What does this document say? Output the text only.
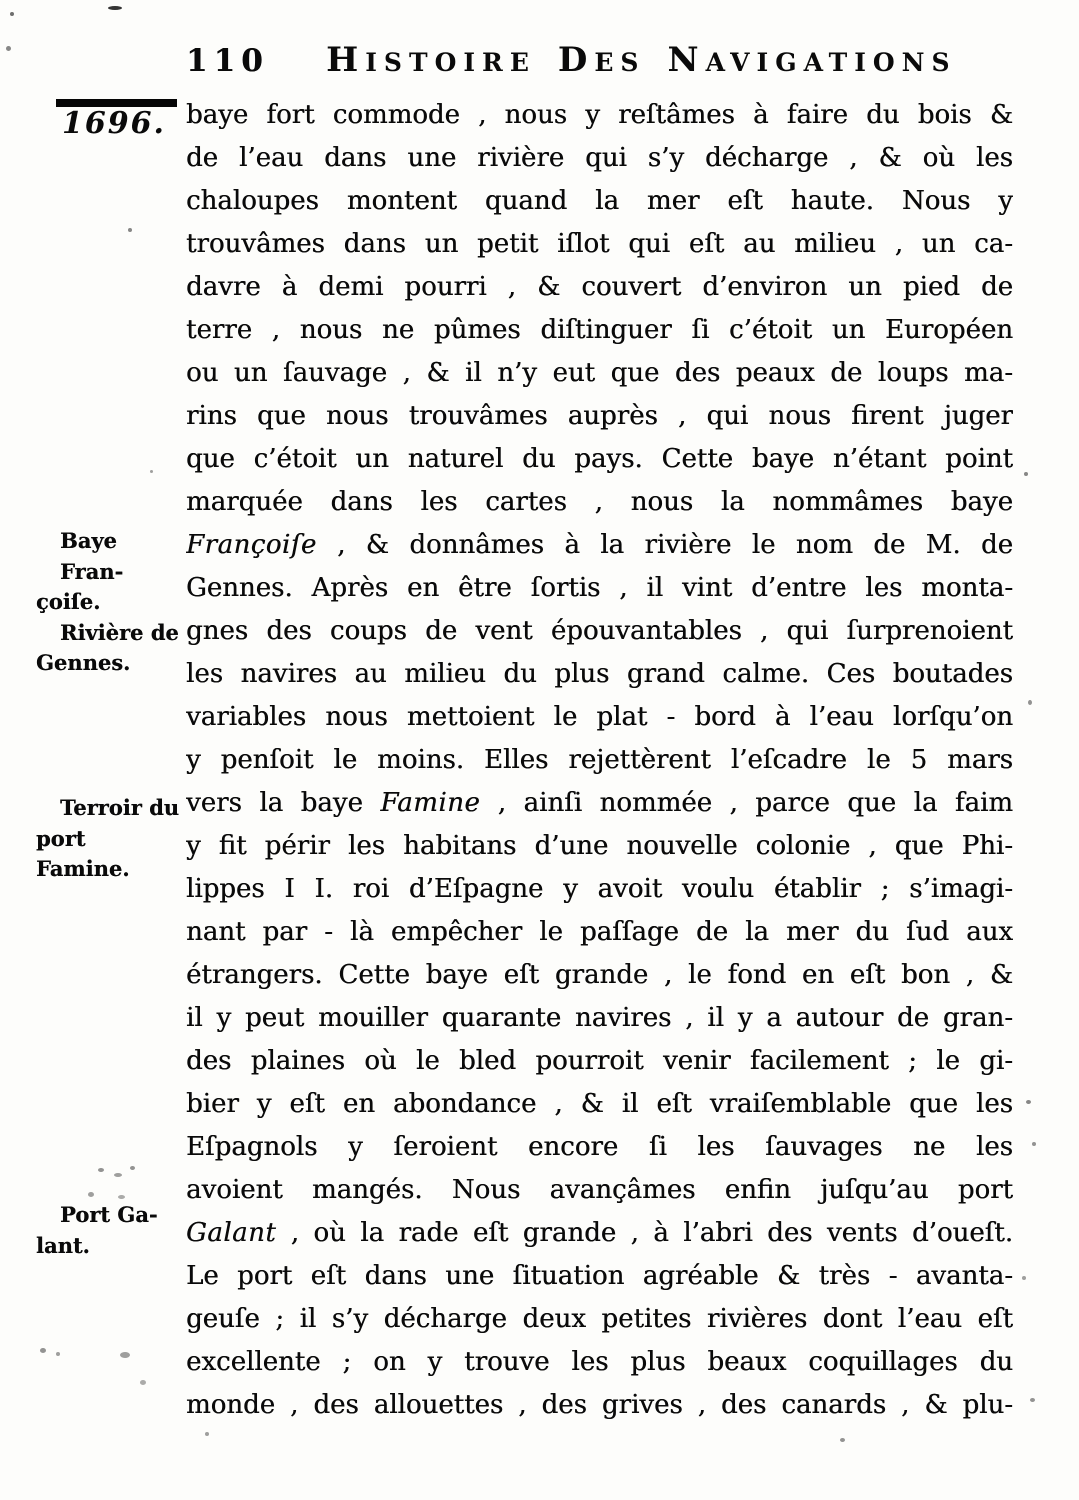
110	HISTOIRE DES NAVIGATIONS
1696.
Baye Fran-
çoiſe.
Rivière de
Gennes.
Terroir du
port Famine.
Port Ga-
lant.
baye fort commode , nous y reſtâmes à faire du bois &
de l’eau dans une rivière qui s’y décharge , & où les
chaloupes montent quand la mer eſt haute. Nous y
trouvâmes dans un petit iſlot qui eſt au milieu , un ca-
davre à demi pourri , & couvert d’environ un pied de
terre , nous ne pûmes diſtinguer ſi c’étoit un Européen
ou un ſauvage , & il n’y eut que des peaux de loups ma-
rins que nous trouvâmes auprès , qui nous firent juger
que c’étoit un naturel du pays. Cette baye n’étant point
marquée dans les cartes , nous la nommâmes baye
Françoiſe , & donnâmes à la rivière le nom de M. de
Gennes. Après en être ſortis , il vint d’entre les monta-
gnes des coups de vent épouvantables , qui ſurprenoient
les navires au milieu du plus grand calme. Ces boutades
variables nous mettoient le plat - bord à l’eau lorſqu’on
y penſoit le moins. Elles rejettèrent l’eſcadre le 5 mars
vers la baye Famine , ainſi nommée , parce que la faim
y fit périr les habitans d’une nouvelle colonie , que Phi-
lippes I I. roi d’Eſpagne y avoit voulu établir ; s’imagi-
nant par - là empêcher le paſſage de la mer du ſud aux
étrangers. Cette baye eſt grande , le fond en eſt bon , &
il y peut mouiller quarante navires , il y a autour de gran-
des plaines où le bled pourroit venir facilement ; le gi-
bier y eſt en abondance , & il eſt vraiſemblable que les
Eſpagnols y ſeroient encore ſi les ſauvages ne les
avoient mangés. Nous avançâmes enfin juſqu’au port
Galant , où la rade eſt grande , à l’abri des vents d’oueſt.
Le port eſt dans une ſituation agréable & très - avanta-
geuſe ; il s’y décharge deux petites rivières dont l’eau eſt
excellente ; on y trouve les plus beaux coquillages du
monde , des allouettes , des grives , des canards , & plu-
